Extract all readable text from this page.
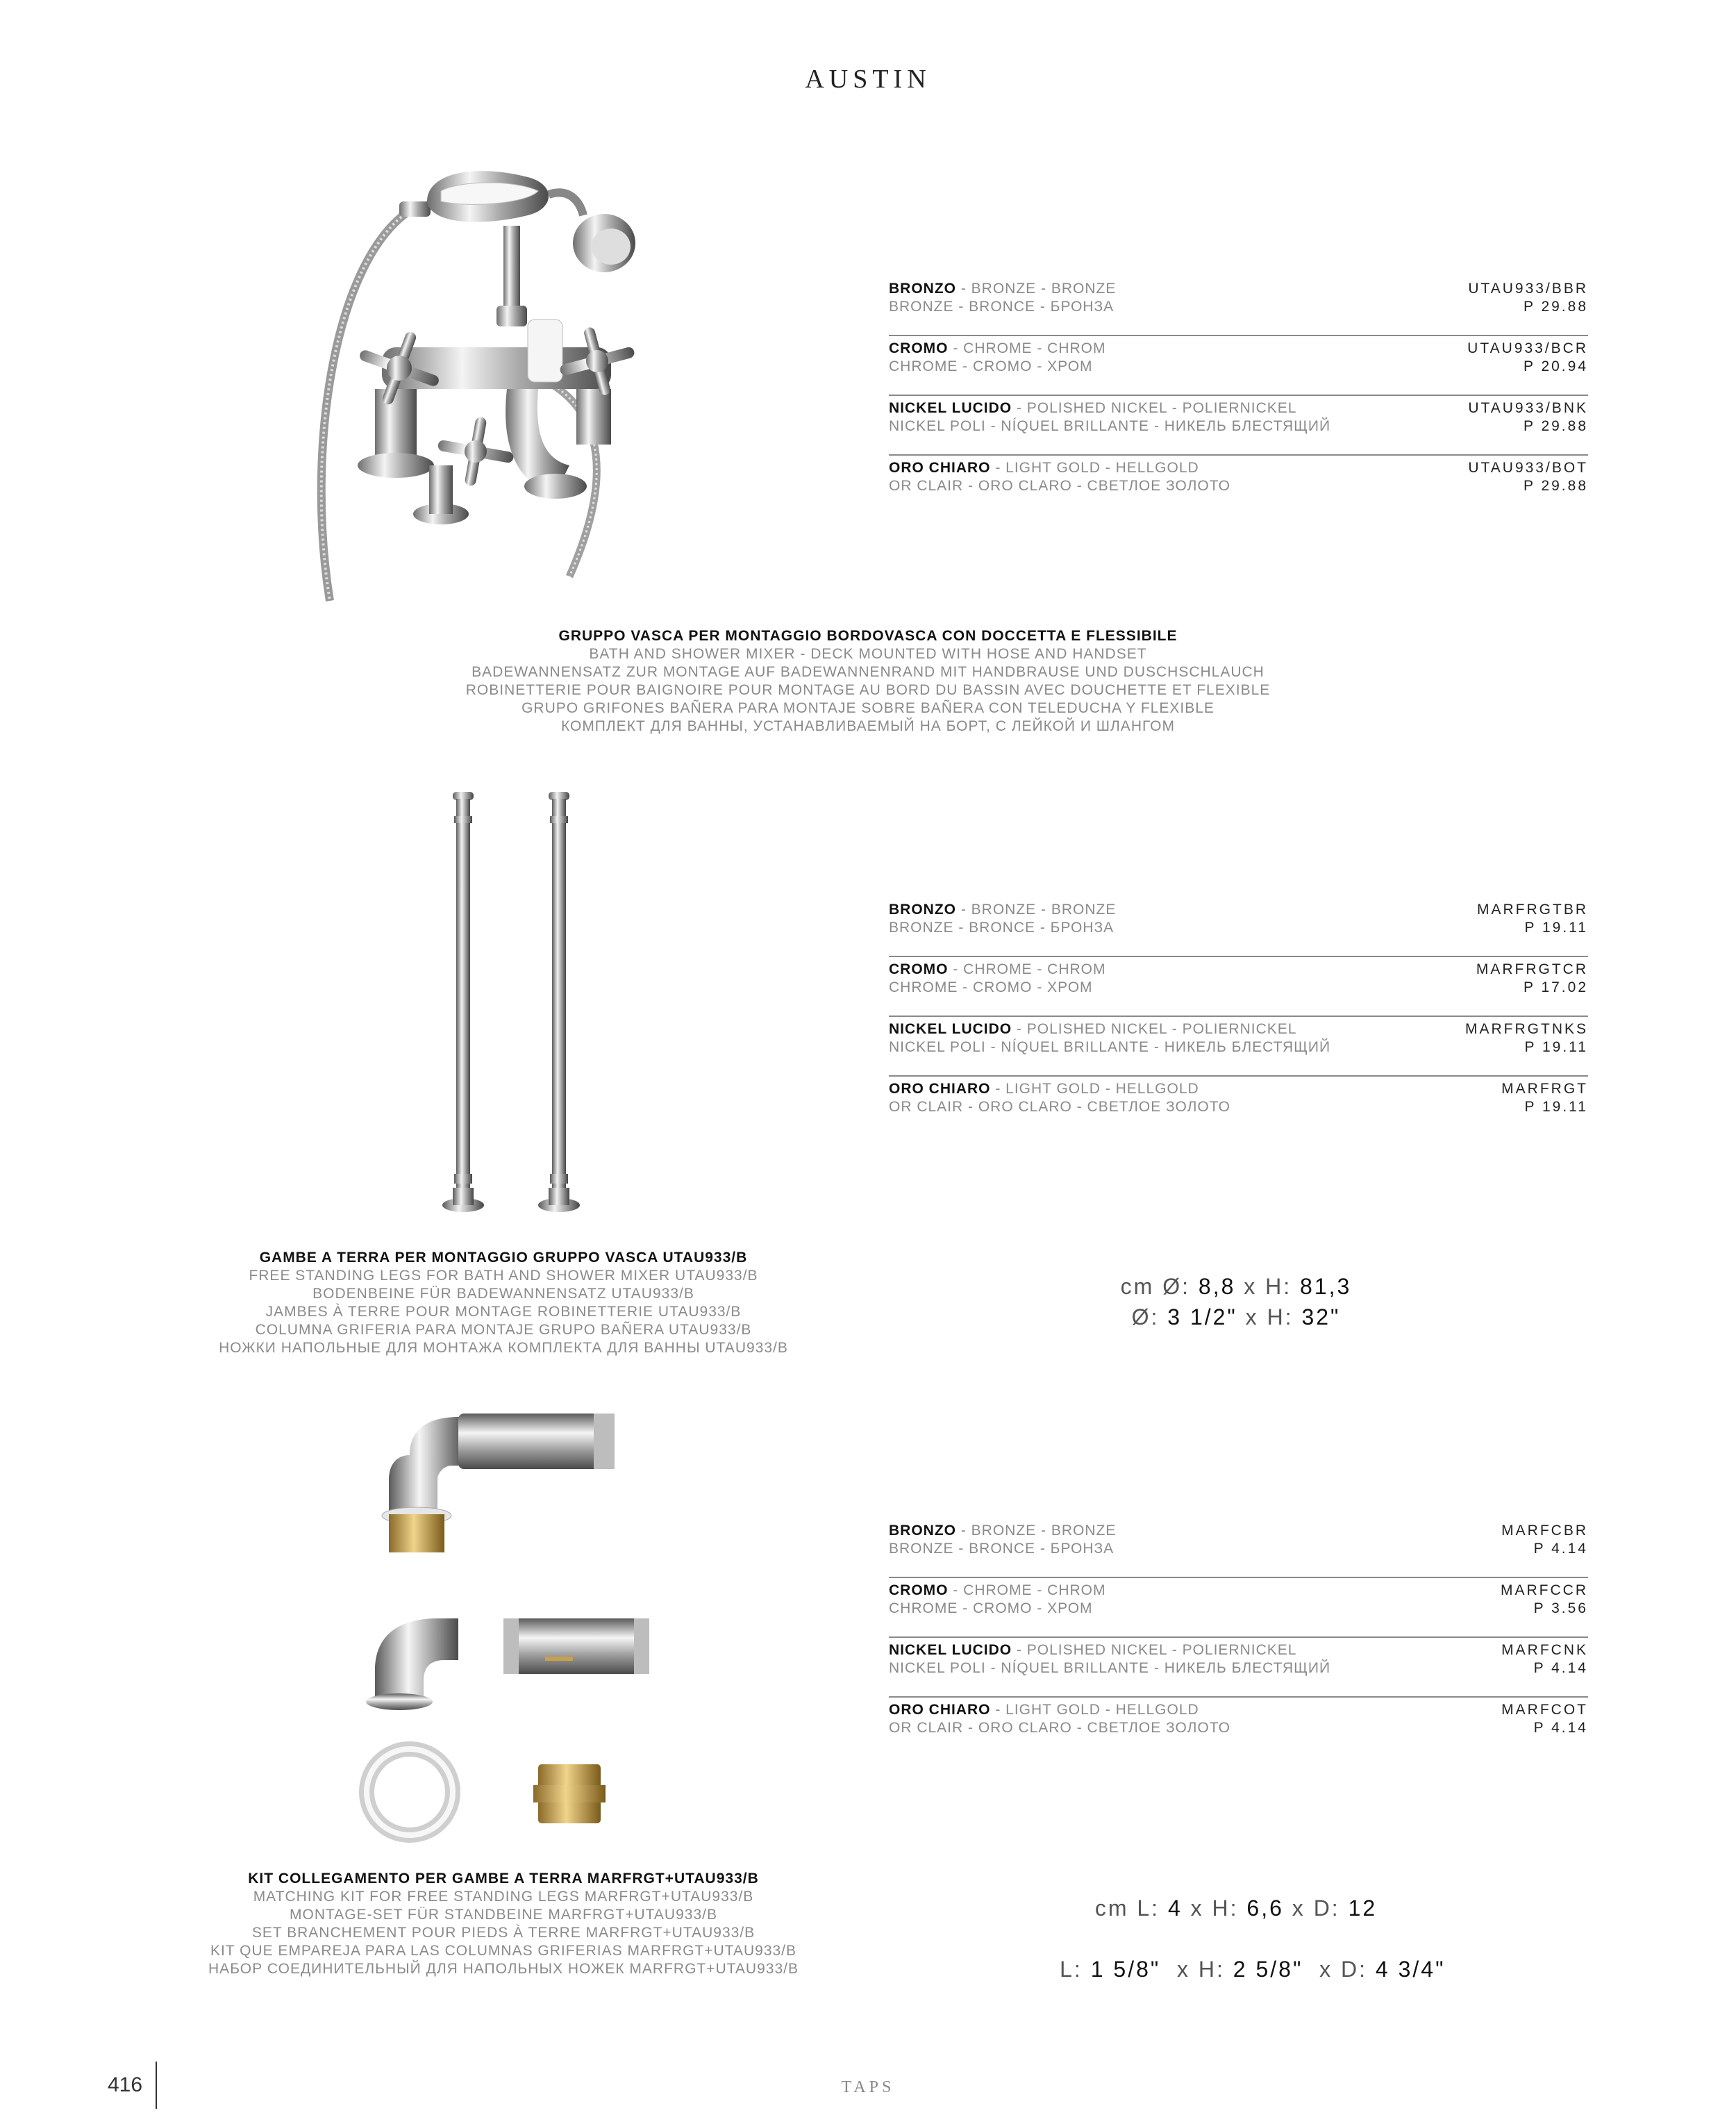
AUSTIN
BRONZO - BRONZE - BRONZE
BRONZE - BRONCE - БРОНЗА
UTAU933/BBR
P 29.88
CROMO - CHROME - CHROM
CHROME - CROMO - ХРОМ
UTAU933/BCR
P 20.94
NICKEL LUCIDO - POLISHED NICKEL - POLIERNICKEL
NICKEL POLI - NÍQUEL BRILLANTE - НИКЕЛЬ БЛЕСТЯЩИЙ
UTAU933/BNK
P 29.88
ORO CHIARO - LIGHT GOLD - HELLGOLD
OR CLAIR - ORO CLARO - СВЕТЛОЕ ЗОЛОТО
UTAU933/BOT
P 29.88
GRUPPO VASCA PER MONTAGGIO BORDOVASCA CON DOCCETTA E FLESSIBILE
BATH AND SHOWER MIXER - DECK MOUNTED WITH HOSE AND HANDSET
BADEWANNENSATZ ZUR MONTAGE AUF BADEWANNENRAND MIT HANDBRAUSE UND DUSCHSCHLAUCH
ROBINETTERIE POUR BAIGNOIRE POUR MONTAGE AU BORD DU BASSIN AVEC DOUCHETTE ET FLEXIBLE
GRUPO GRIFONES BAÑERA PARA MONTAJE SOBRE BAÑERA CON TELEDUCHA Y FLEXIBLE
КОМПЛЕКТ ДЛЯ ВАННЫ, УСТАНАВЛИВАЕМЫЙ НА БОРТ, С ЛЕЙКОЙ И ШЛАНГОМ
BRONZO - BRONZE - BRONZE
BRONZE - BRONCE - БРОНЗА
MARFRGTBR
P 19.11
CROMO - CHROME - CHROM
CHROME - CROMO - ХРОМ
MARFRGTCR
P 17.02
NICKEL LUCIDO - POLISHED NICKEL - POLIERNICKEL
NICKEL POLI - NÍQUEL BRILLANTE - НИКЕЛЬ БЛЕСТЯЩИЙ
MARFRGTNKS
P 19.11
ORO CHIARO - LIGHT GOLD - HELLGOLD
OR CLAIR - ORO CLARO - СВЕТЛОЕ ЗОЛОТО
MARFRGT
P 19.11
GAMBE A TERRA PER MONTAGGIO GRUPPO VASCA UTAU933/B
FREE STANDING LEGS FOR BATH AND SHOWER MIXER UTAU933/B
BODENBEINE FÜR BADEWANNENSATZ UTAU933/B
JAMBES À TERRE POUR MONTAGE ROBINETTERIE UTAU933/B
COLUMNA GRIFERIA PARA MONTAJE GRUPO BAÑERA UTAU933/B
НОЖКИ НАПОЛЬНЫЕ ДЛЯ МОНТАЖА КОМПЛЕКТА ДЛЯ ВАННЫ UTAU933/B
cm Ø: 8,8 x H: 81,3
Ø: 3 1/2" x H: 32"
BRONZO - BRONZE - BRONZE
BRONZE - BRONCE - БРОНЗА
MARFCBR
P 4.14
CROMO - CHROME - CHROM
CHROME - CROMO - ХРОМ
MARFCCR
P 3.56
NICKEL LUCIDO - POLISHED NICKEL - POLIERNICKEL
NICKEL POLI - NÍQUEL BRILLANTE - НИКЕЛЬ БЛЕСТЯЩИЙ
MARFCNK
P 4.14
ORO CHIARO - LIGHT GOLD - HELLGOLD
OR CLAIR - ORO CLARO - СВЕТЛОЕ ЗОЛОТО
MARFCOT
P 4.14
KIT COLLEGAMENTO PER GAMBE A TERRA MARFRGT+UTAU933/B
MATCHING KIT FOR FREE STANDING LEGS MARFRGT+UTAU933/B
MONTAGE-SET FÜR STANDBEINE MARFRGT+UTAU933/B
SET BRANCHEMENT POUR PIEDS À TERRE MARFRGT+UTAU933/B
KIT QUE EMPAREJA PARA LAS COLUMNAS GRIFERIAS MARFRGT+UTAU933/B
НАБОР СОЕДИНИТЕЛЬНЫЙ ДЛЯ НАПОЛЬНЫХ НОЖЕК MARFRGT+UTAU933/B
cm L: 4 x H: 6,6 x D: 12

L: 1 5/8"  x H: 2 5/8"  x D: 4 3/4"

416	TAPS
